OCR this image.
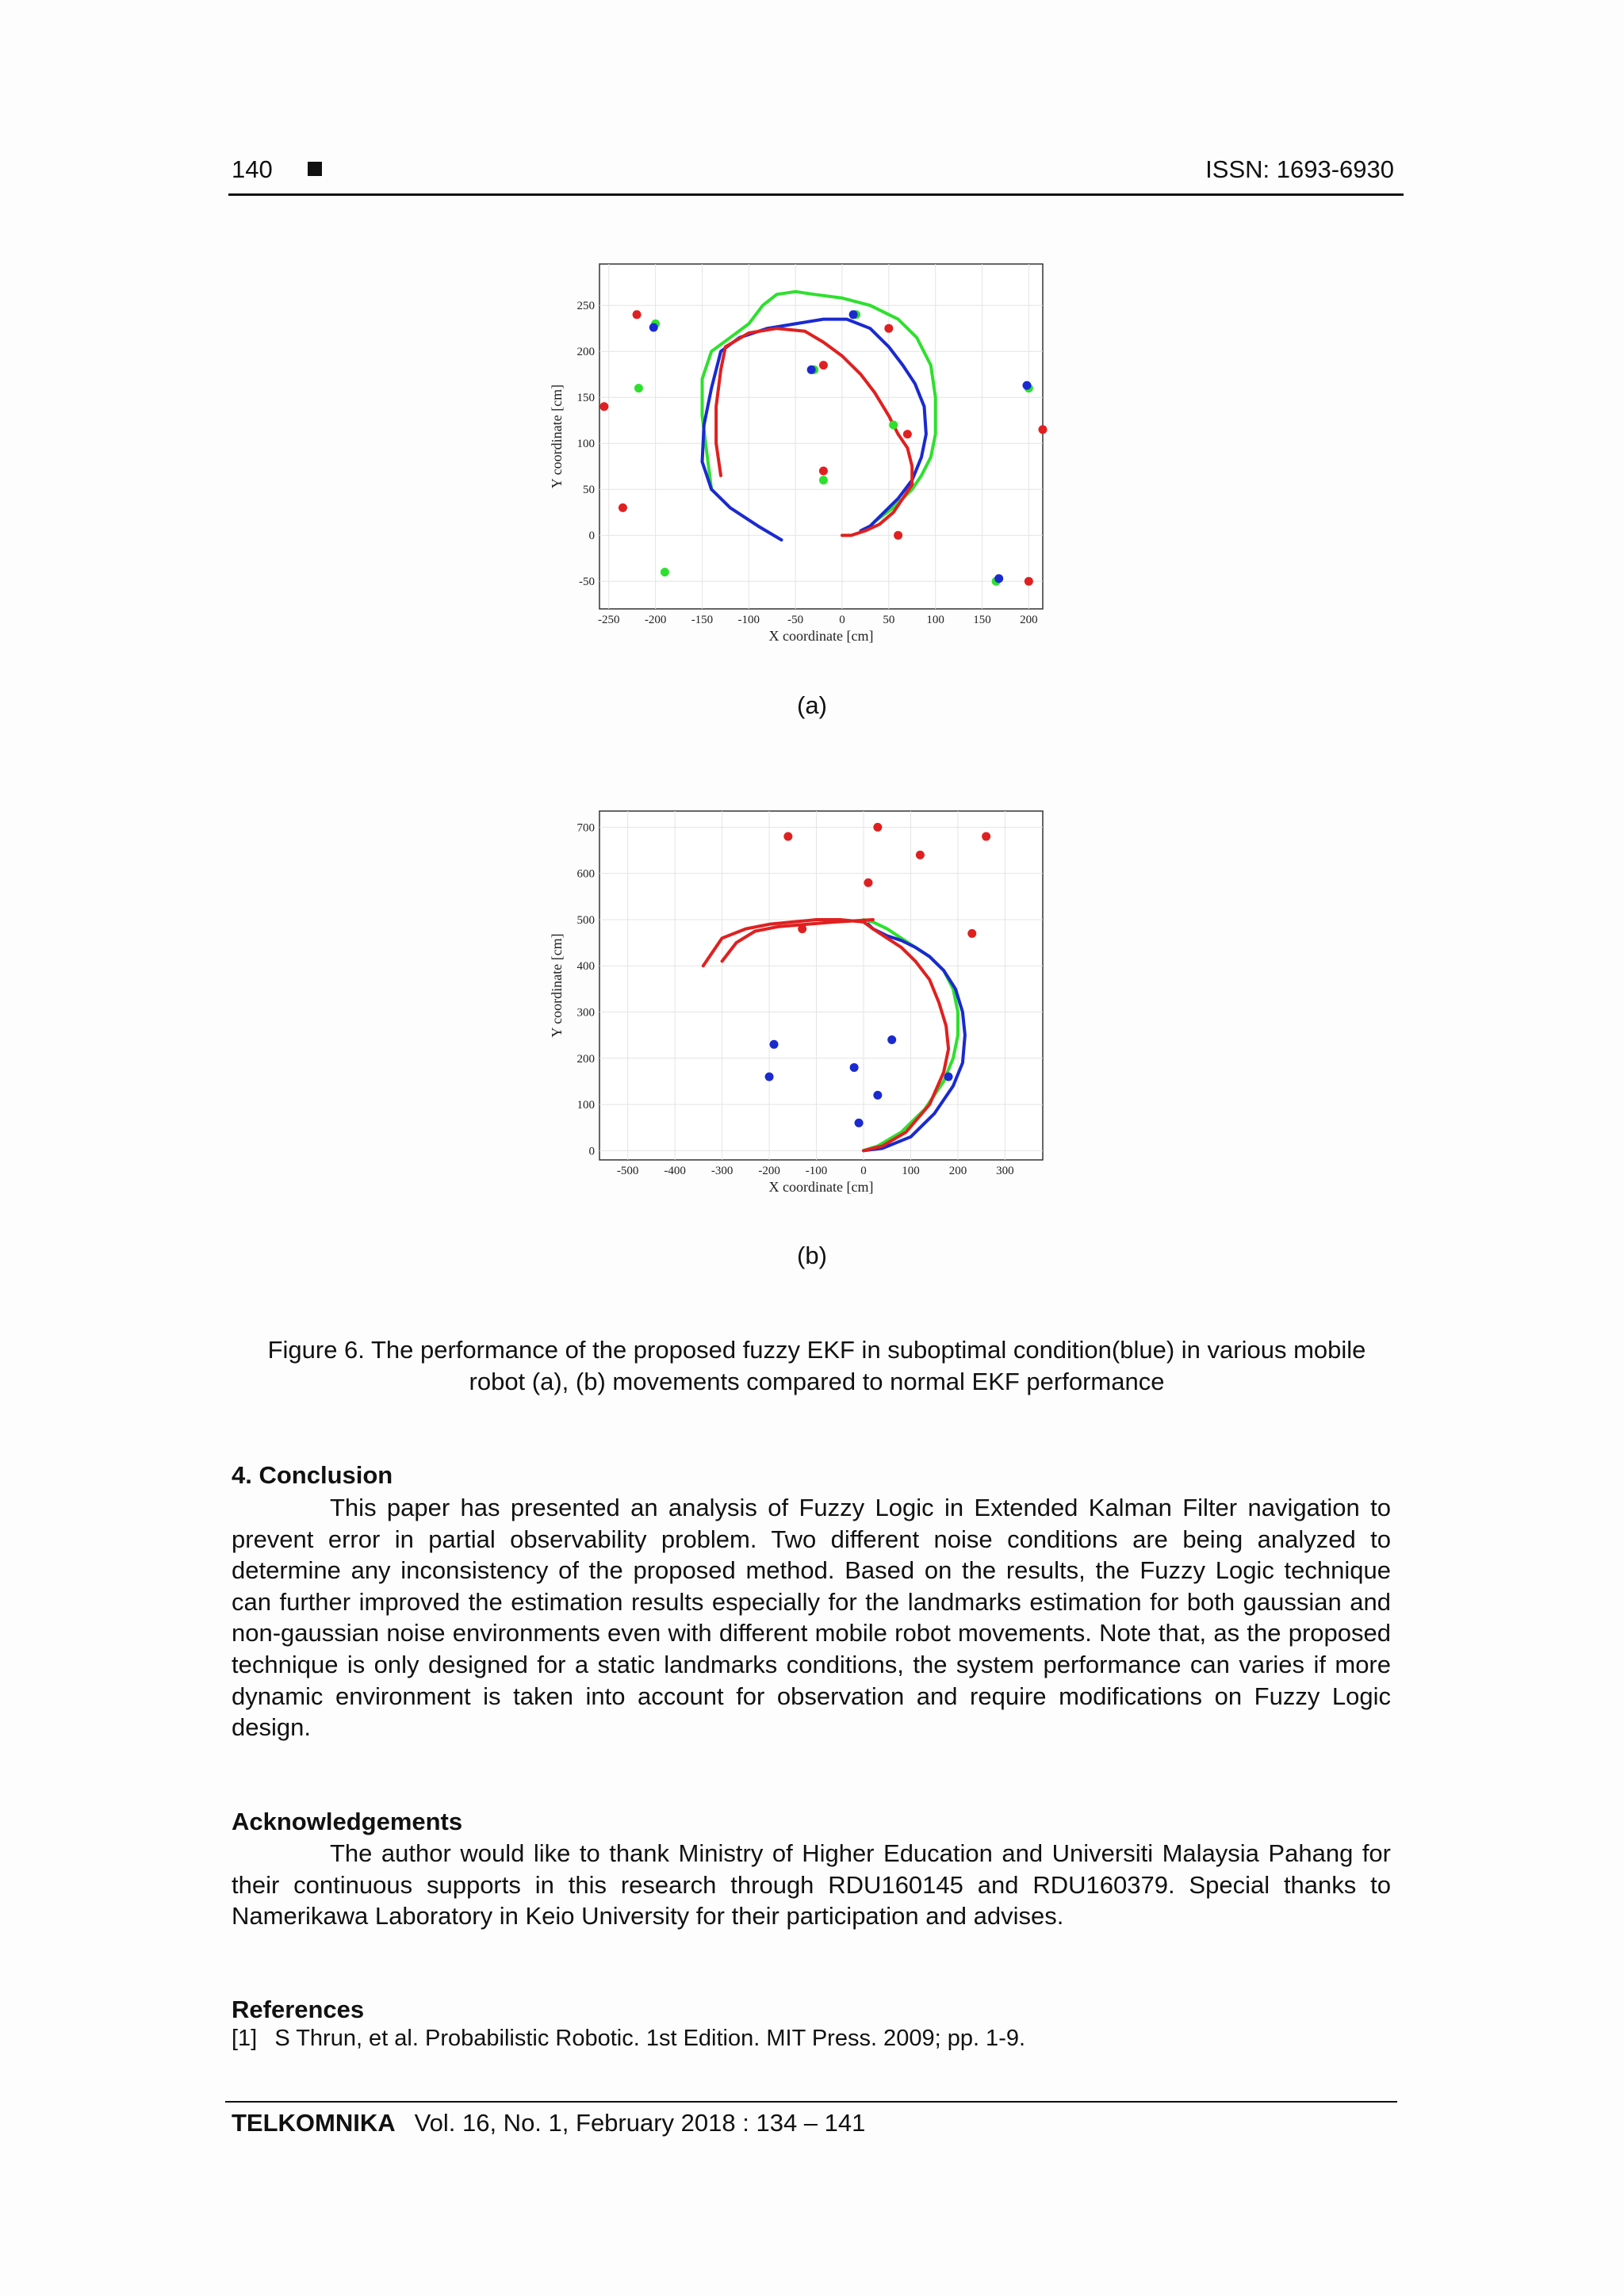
140	ISSN: 1693-6930
-250 -200 -150 -100 -50	0	50	100 150 200
-50
0
50
100
150
200
250
X coordinate [cm]
Y coordinate [cm]
(a)
-500 -400 -300 -200 -100	0	100 200 300
0
100
200
300
400
500
600
700
X coordinate [cm]
Y coordinate [cm]
(b)
Figure 6. The performance of the proposed fuzzy EKF in suboptimal condition(blue) in various mobile robot (a), (b) movements compared to normal EKF performance
4. Conclusion
This paper has presented an analysis of Fuzzy Logic in Extended Kalman Filter navigation to prevent error in partial observability problem. Two different noise conditions are being analyzed to determine any inconsistency of the proposed method. Based on the results, the Fuzzy Logic technique can further improved the estimation results especially for the landmarks estimation for both gaussian and non-gaussian noise environments even with different mobile robot movements. Note that, as the proposed technique is only designed for a static landmarks conditions, the system performance can varies if more dynamic environment is taken into account for observation and require modifications on Fuzzy Logic design.
Acknowledgements
The author would like to thank Ministry of Higher Education and Universiti Malaysia Pahang for their continuous supports in this research through RDU160145 and RDU160379. Special thanks to Namerikawa Laboratory in Keio University for their participation and advises.
References
[1] S Thrun, et al. Probabilistic Robotic. 1st Edition. MIT Press. 2009; pp. 1-9.
TELKOMNIKA Vol. 16, No. 1, February 2018 : 134 – 141
